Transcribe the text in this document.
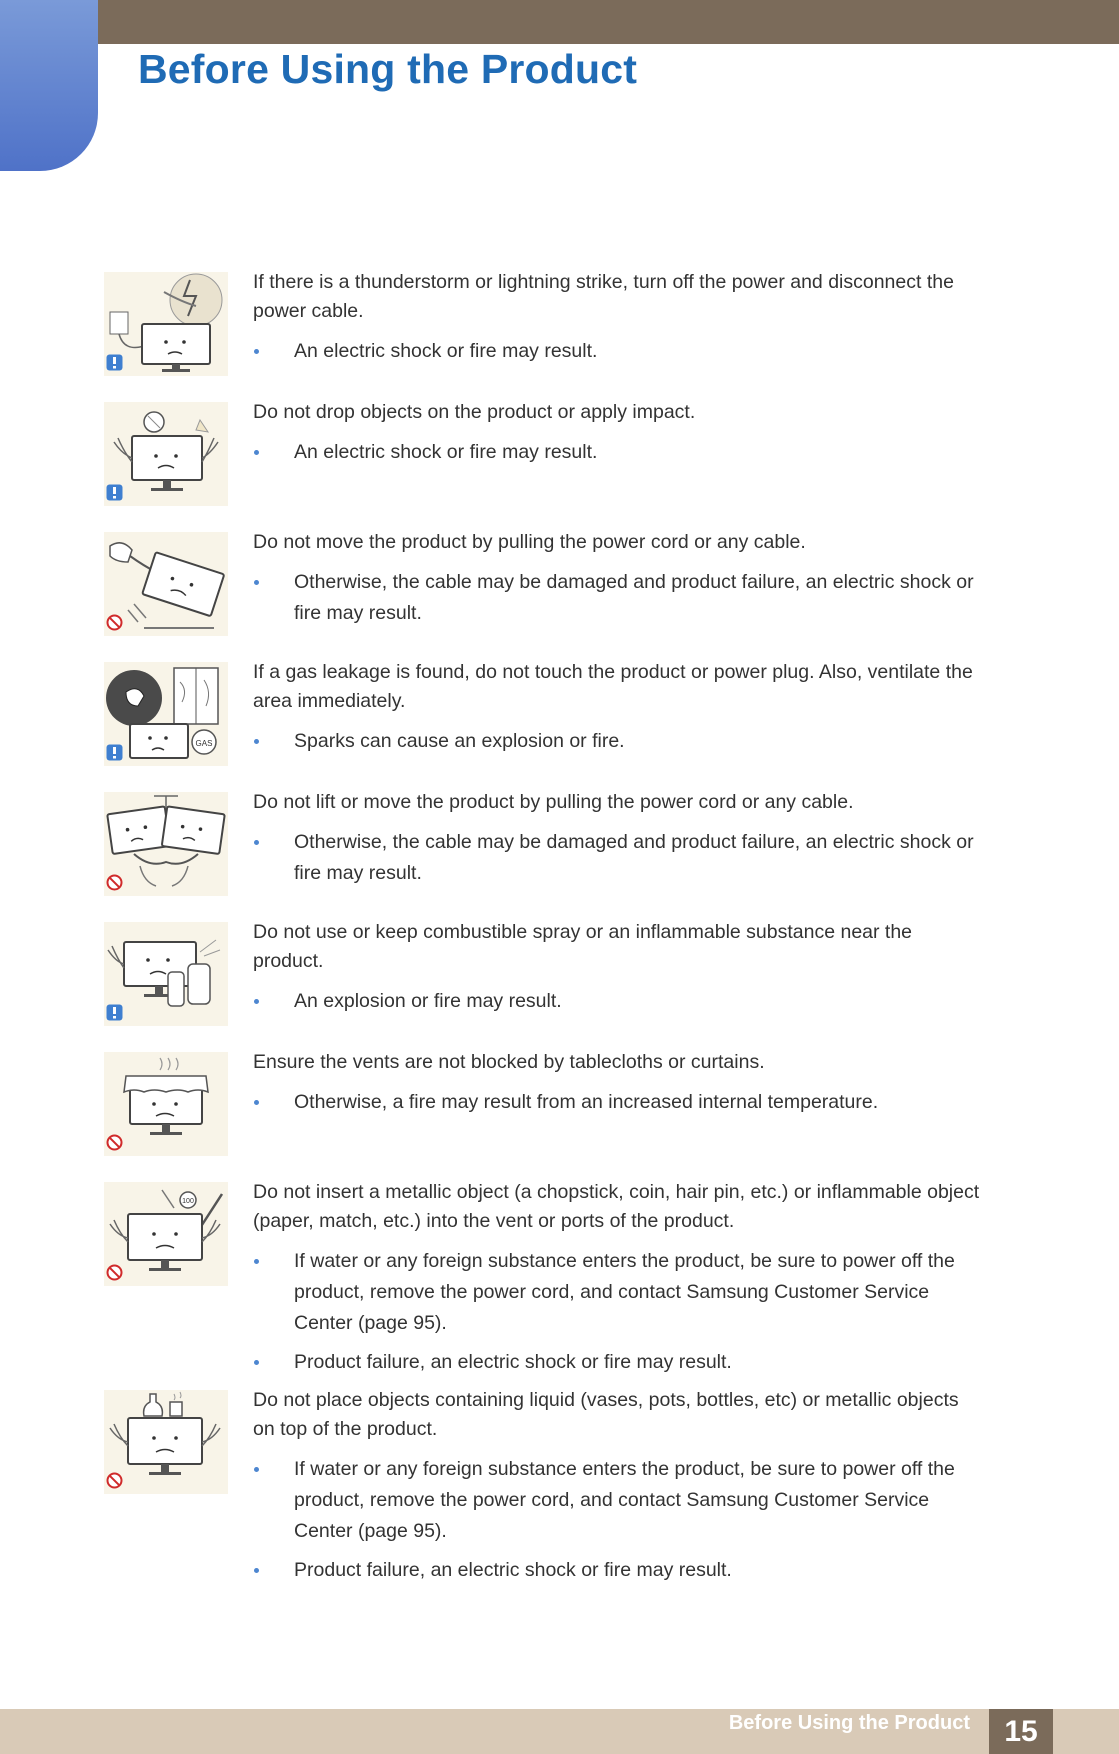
Before Using the Product

If there is a thunderstorm or lightning strike, turn off the power and disconnect the power cable.

An electric shock or fire may result.

Do not drop objects on the product or apply impact.

An electric shock or fire may result.

Do not move the product by pulling the power cord or any cable.

Otherwise, the cable may be damaged and product failure, an electric shock or fire may result.
GAS

If a gas leakage is found, do not touch the product or power plug. Also, ventilate the area immediately.

Sparks can cause an explosion or fire.

Do not lift or move the product by pulling the power cord or any cable.

Otherwise, the cable may be damaged and product failure, an electric shock or fire may result.

Do not use or keep combustible spray or an inflammable substance near the product.

An explosion or fire may result.

Ensure the vents are not blocked by tablecloths or curtains.

Otherwise, a fire may result from an increased internal temperature.
100	Do not insert a metallic object (a chopstick, coin, hair pin, etc.) or inflammable object (paper, match, etc.) into the vent or ports of the product.

If water or any foreign substance enters the product, be sure to power off the product, remove the power cord, and contact Samsung Customer Service Center (page 95).
Product failure, an electric shock or fire may result.

Do not place objects containing liquid (vases, pots, bottles, etc) or metallic objects on top of the product.

If water or any foreign substance enters the product, be sure to power off the product, remove the power cord, and contact Samsung Customer Service Center (page 95).
Product failure, an electric shock or fire may result.
Before Using the Product	15
